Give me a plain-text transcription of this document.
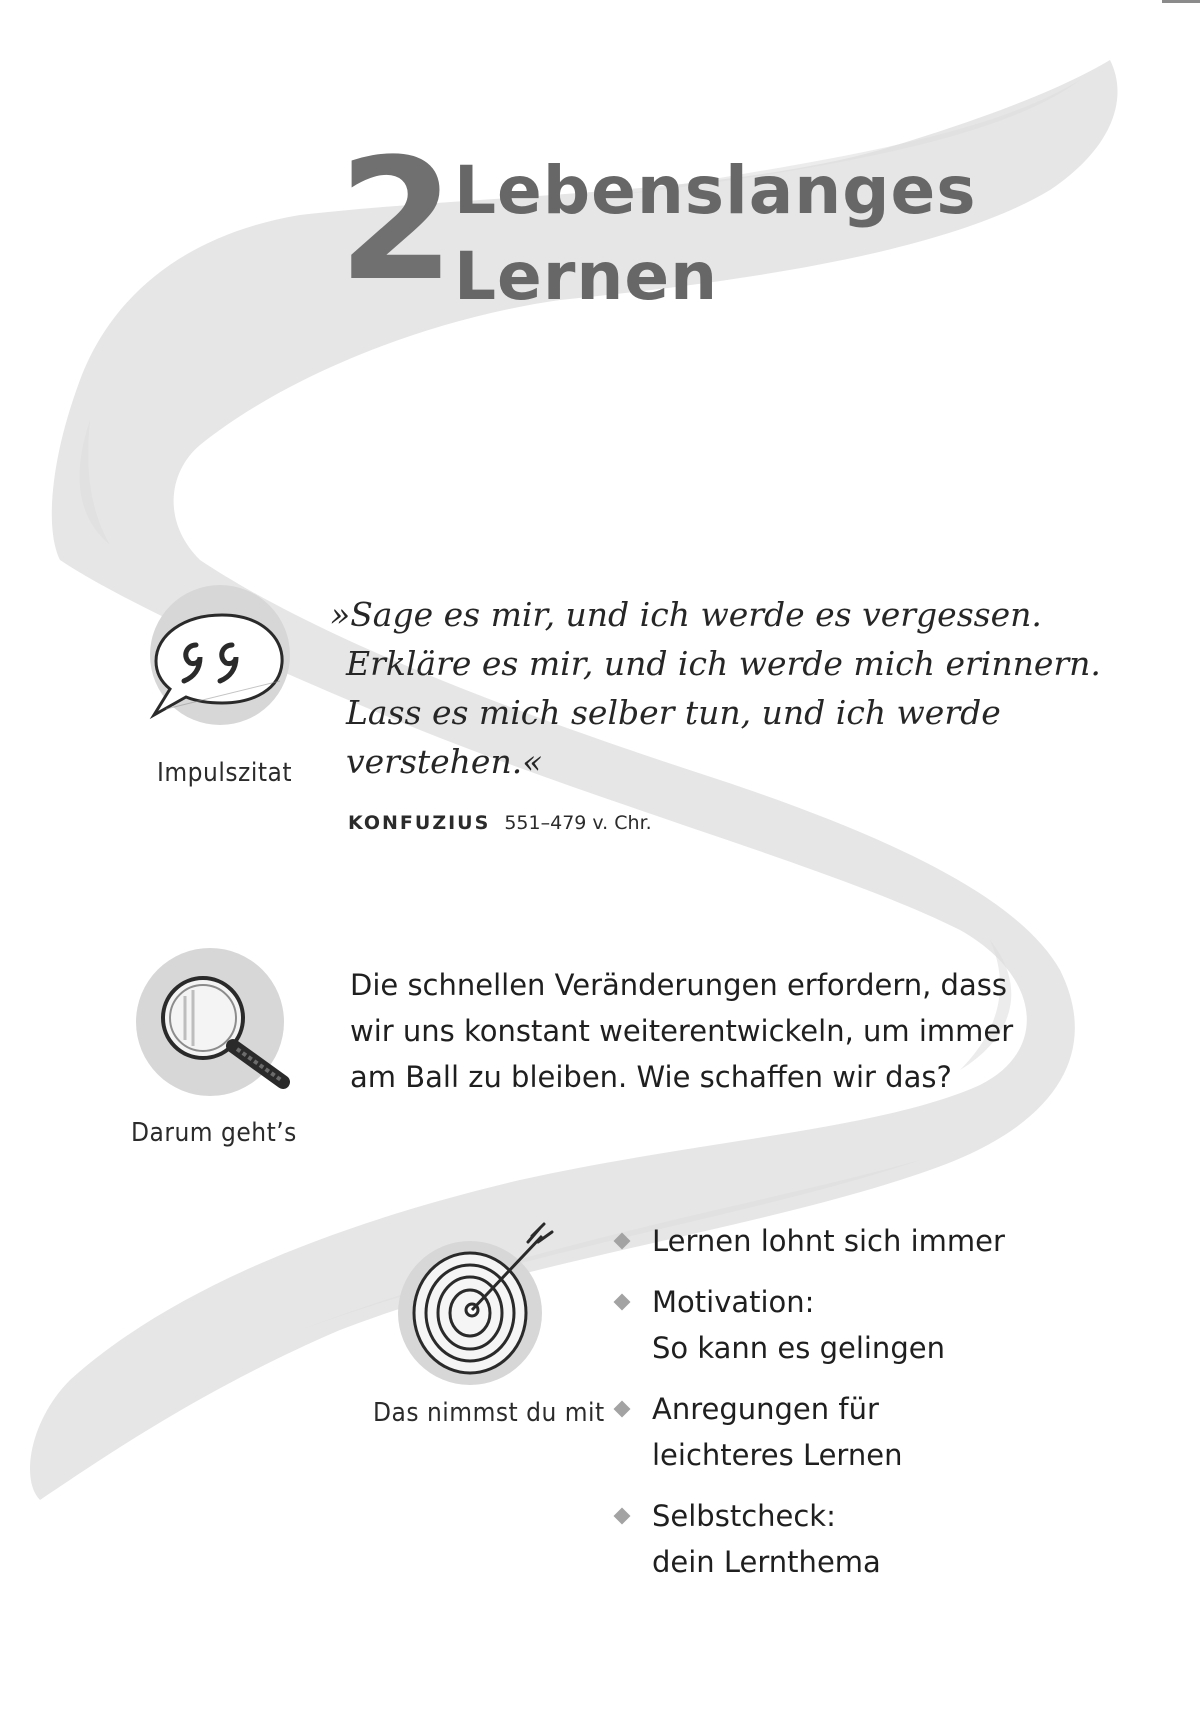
2 Lebenslanges
Lernen
Impulszitat
»Sage es mir, und ich werde es vergessen.
Erkläre es mir, und ich werde mich erinnern.
Lass es mich selber tun, und ich werde
verstehen.«
KONFUZIUS 551–479 v. Chr.
Darum geht’s
Die schnellen Veränderungen erfordern, dass
wir uns konstant weiterentwickeln, um immer
am Ball zu bleiben. Wie schaffen wir das?
Das nimmst du mit
Lernen lohnt sich immer
Motivation:
So kann es gelingen
Anregungen für
leichteres Lernen
Selbstcheck:
dein Lernthema
